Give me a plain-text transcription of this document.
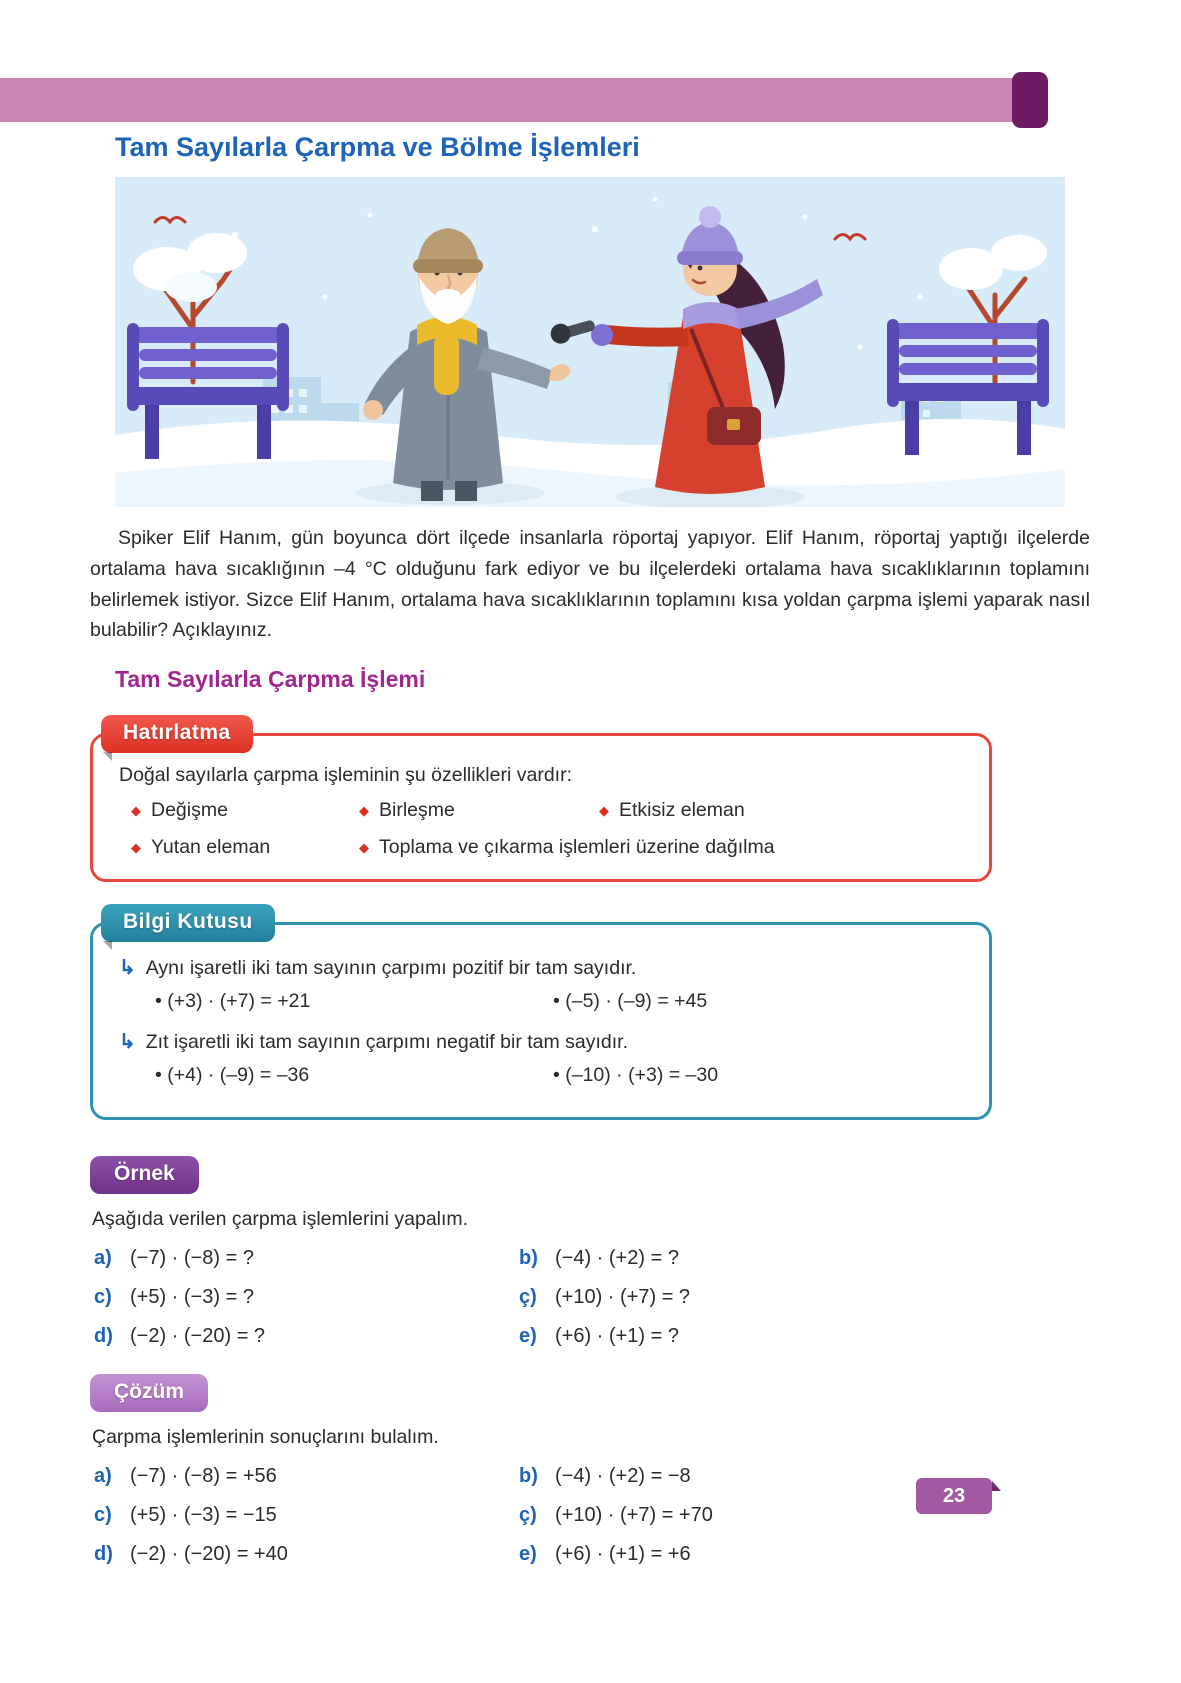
Tam Sayılarla Çarpma ve Bölme İşlemleri

Spiker Elif Hanım, gün boyunca dört ilçede insanlarla röportaj yapıyor. Elif Hanım, röportaj yaptığı ilçelerde ortalama hava sıcaklığının –4 °C olduğunu fark ediyor ve bu ilçelerdeki ortalama hava sıcaklıklarının toplamını belirlemek istiyor. Sizce Elif Hanım, ortalama hava sıcaklıklarının toplamını kısa yoldan çarpma işlemi yaparak nasıl bulabilir? Açıklayınız.

Tam Sayılarla Çarpma İşlemi
Hatırlatma

Doğal sayılarla çarpma işleminin şu özellikleri vardır:

◆ Değişme	◆ Birleşme	◆ Etkisiz eleman
◆ Yutan eleman	◆ Toplama ve çıkarma işlemleri üzerine dağılma
Bilgi Kutusu
↳ Aynı işaretli iki tam sayının çarpımı pozitif bir tam sayıdır.
• (+3) · (+7) = +21	• (–5) · (–9) = +45
↳ Zıt işaretli iki tam sayının çarpımı negatif bir tam sayıdır.
• (+4) · (–9) = –36	• (–10) · (+3) = –30
Örnek

Aşağıda verilen çarpma işlemlerini yapalım.

a) (−7) · (−8) = ?	b) (−4) · (+2) = ?
c) (+5) · (−3) = ?	ç) (+10) · (+7) = ?
d) (−2) · (−20) = ?	e) (+6) · (+1) = ?
Çözüm

Çarpma işlemlerinin sonuçlarını bulalım.

a) (−7) · (−8) = +56	b) (−4) · (+2) = −8
c) (+5) · (−3) = −15	ç) (+10) · (+7) = +70
d) (−2) · (−20) = +40	e) (+6) · (+1) = +6
23
